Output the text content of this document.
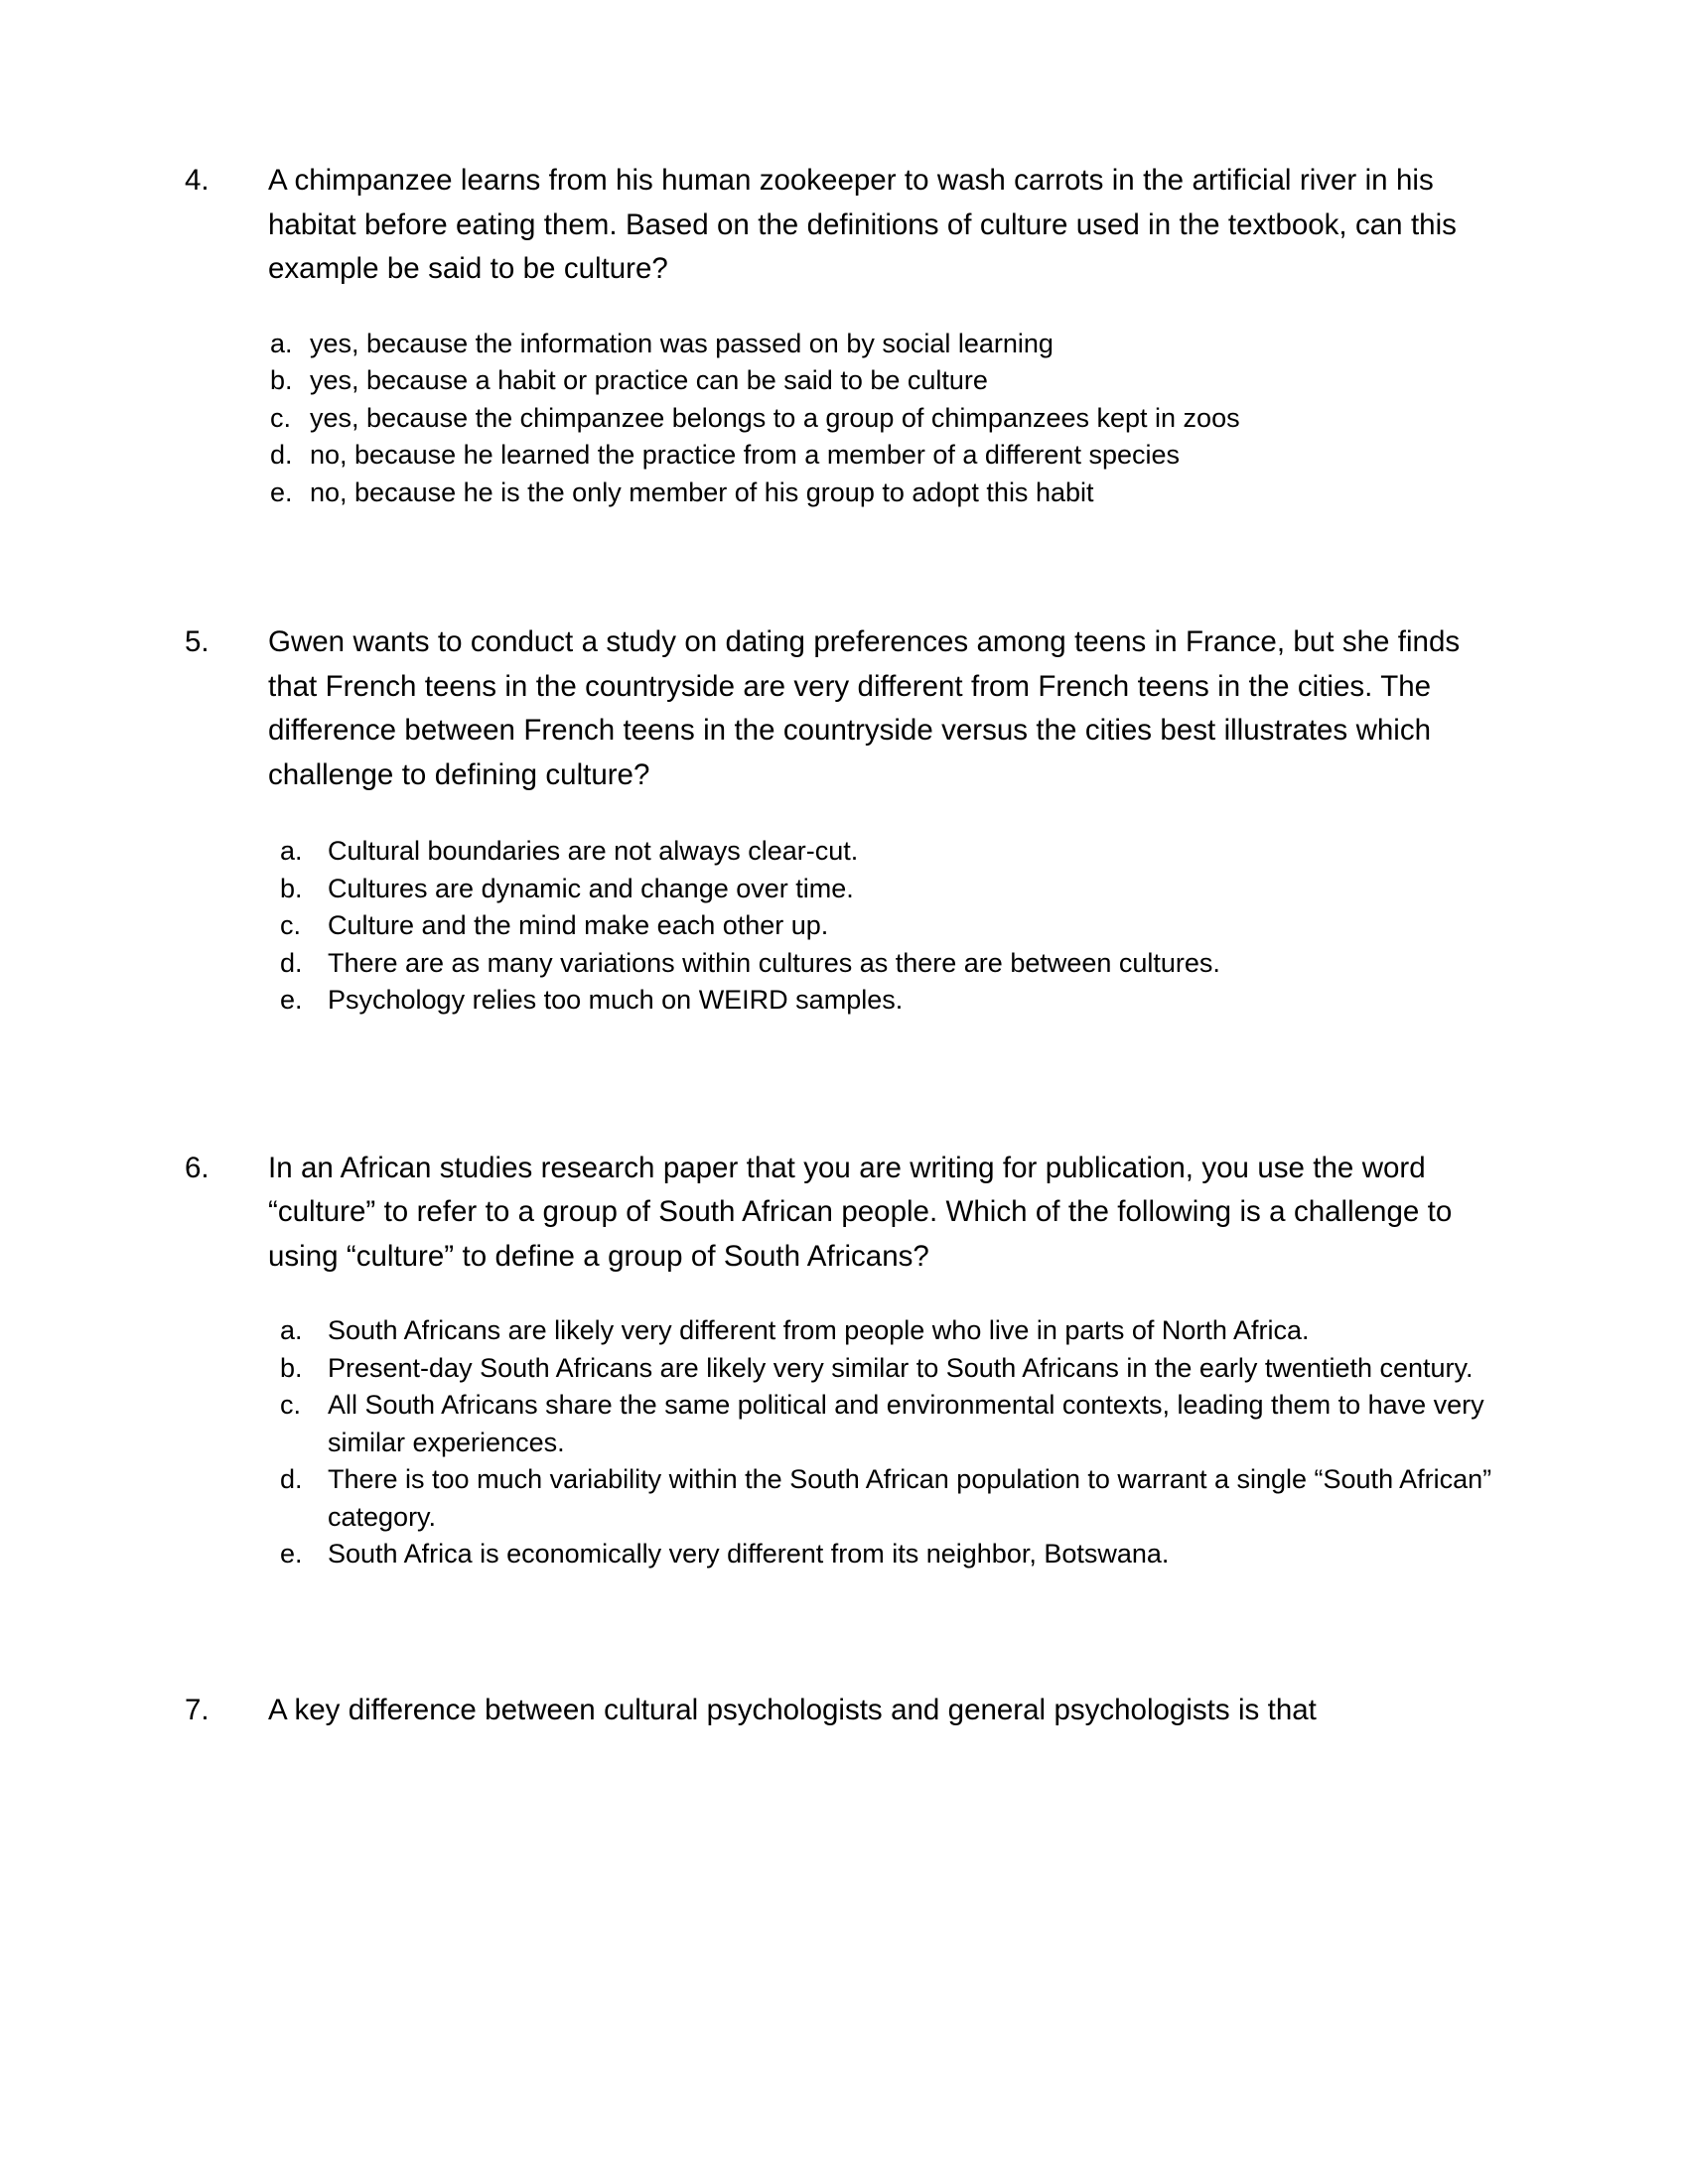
4.	A chimpanzee learns from his human zookeeper to wash carrots in the artificial river in his habitat before eating them. Based on the definitions of culture used in the textbook, can this example be said to be culture?
a. yes, because the information was passed on by social learning
b. yes, because a habit or practice can be said to be culture
c. yes, because the chimpanzee belongs to a group of chimpanzees kept in zoos
d. no, because he learned the practice from a member of a different species
e. no, because he is the only member of his group to adopt this habit
5.	Gwen wants to conduct a study on dating preferences among teens in France, but she finds that French teens in the countryside are very different from French teens in the cities. The difference between French teens in the countryside versus the cities best illustrates which challenge to defining culture?
a. Cultural boundaries are not always clear-cut.
b. Cultures are dynamic and change over time.
c. Culture and the mind make each other up.
d. There are as many variations within cultures as there are between cultures.
e. Psychology relies too much on WEIRD samples.
6.	In an African studies research paper that you are writing for publication, you use the word “culture” to refer to a group of South African people. Which of the following is a challenge to using “culture” to define a group of South Africans?
a. South Africans are likely very different from people who live in parts of North Africa.
b. Present-day South Africans are likely very similar to South Africans in the early twentieth century.
c. All South Africans share the same political and environmental contexts, leading them to have very similar experiences.
d. There is too much variability within the South African population to warrant a single “South African” category.
e. South Africa is economically very different from its neighbor, Botswana.
7.	A key difference between cultural psychologists and general psychologists is that
